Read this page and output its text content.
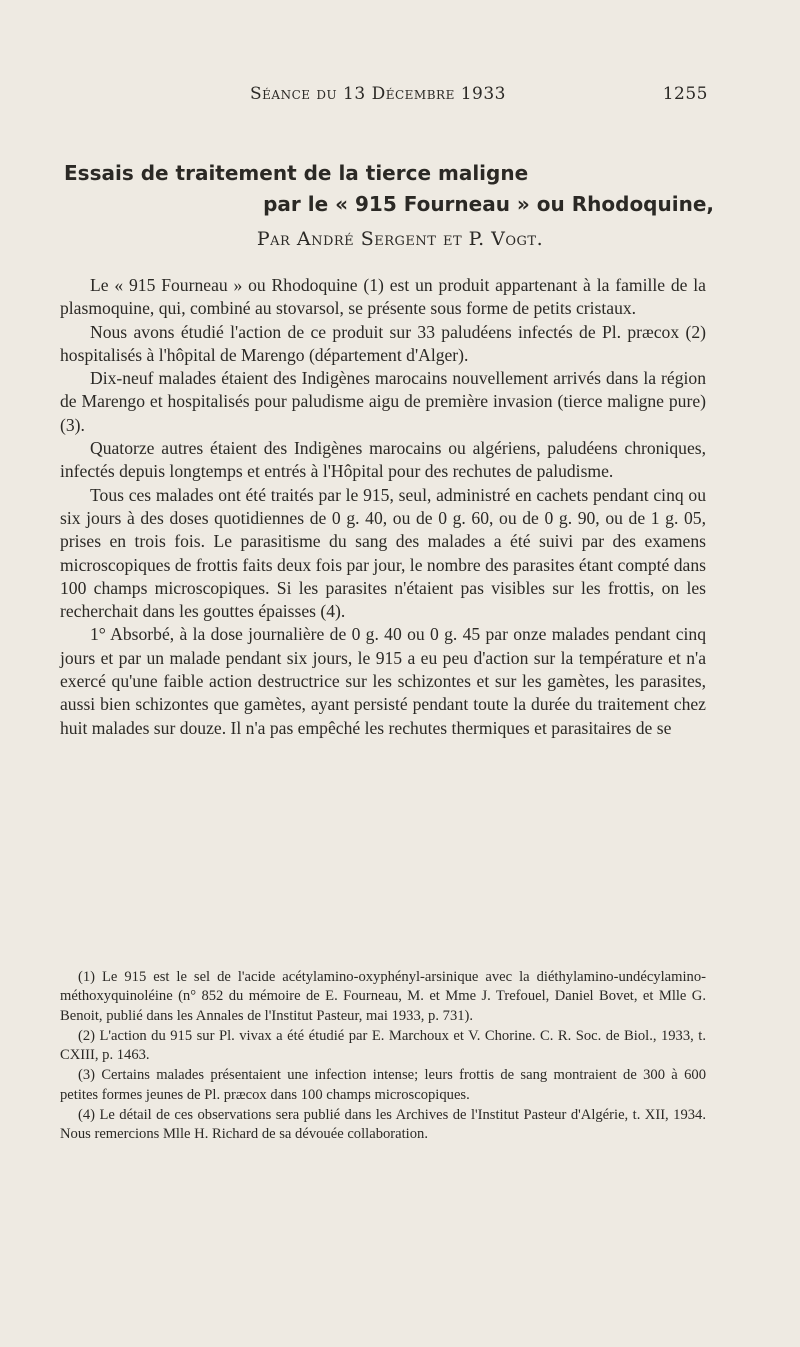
Séance du 13 Décembre 1933	1255
Essais de traitement de la tierce maligne
par le « 915 Fourneau » ou Rhodoquine,
Par André Sergent et P. Vogt.

Le « 915 Fourneau » ou Rhodoquine (1) est un produit appartenant à la famille de la plasmoquine, qui, combiné au stovarsol, se présente sous forme de petits cristaux.

Nous avons étudié l'action de ce produit sur 33 paludéens infectés de Pl. præcox (2) hospitalisés à l'hôpital de Marengo (département d'Alger).

Dix-neuf malades étaient des Indigènes marocains nouvellement arrivés dans la région de Marengo et hospitalisés pour paludisme aigu de première invasion (tierce maligne pure) (3).

Quatorze autres étaient des Indigènes marocains ou algériens, paludéens chroniques, infectés depuis longtemps et entrés à l'Hôpital pour des rechutes de paludisme.

Tous ces malades ont été traités par le 915, seul, administré en cachets pendant cinq ou six jours à des doses quotidiennes de 0 g. 40, ou de 0 g. 60, ou de 0 g. 90, ou de 1 g. 05, prises en trois fois. Le parasitisme du sang des malades a été suivi par des examens microscopiques de frottis faits deux fois par jour, le nombre des parasites étant compté dans 100 champs microscopiques. Si les parasites n'étaient pas visibles sur les frottis, on les recherchait dans les gouttes épaisses (4).

1° Absorbé, à la dose journalière de 0 g. 40 ou 0 g. 45 par onze malades pendant cinq jours et par un malade pendant six jours, le 915 a eu peu d'action sur la température et n'a exercé qu'une faible action destructrice sur les schizontes et sur les gamètes, les parasites, aussi bien schizontes que gamètes, ayant persisté pendant toute la durée du traitement chez huit malades sur douze. Il n'a pas empêché les rechutes thermiques et parasitaires de se

(1) Le 915 est le sel de l'acide acétylamino-oxyphényl-arsinique avec la diéthylamino-undécylamino-méthoxyquinoléine (n° 852 du mémoire de E. Fourneau, M. et Mme J. Trefouel, Daniel Bovet, et Mlle G. Benoit, publié dans les Annales de l'Institut Pasteur, mai 1933, p. 731).

(2) L'action du 915 sur Pl. vivax a été étudié par E. Marchoux et V. Chorine. C. R. Soc. de Biol., 1933, t. CXIII, p. 1463.

(3) Certains malades présentaient une infection intense; leurs frottis de sang montraient de 300 à 600 petites formes jeunes de Pl. præcox dans 100 champs microscopiques.

(4) Le détail de ces observations sera publié dans les Archives de l'Institut Pasteur d'Algérie, t. XII, 1934. Nous remercions Mlle H. Richard de sa dévouée collaboration.
